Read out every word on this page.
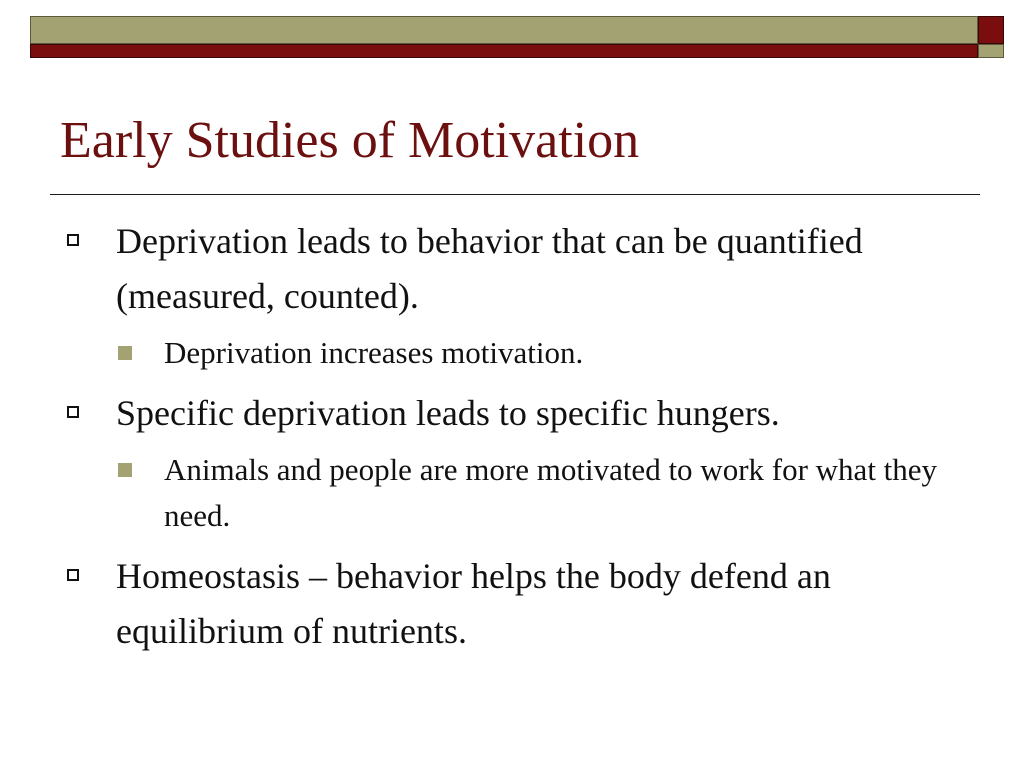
Early Studies of Motivation
Deprivation leads to behavior that can be quantified (measured, counted).
Deprivation increases motivation.
Specific deprivation leads to specific hungers.
Animals and people are more motivated to work for what they need.
Homeostasis – behavior helps the body defend an equilibrium of nutrients.
